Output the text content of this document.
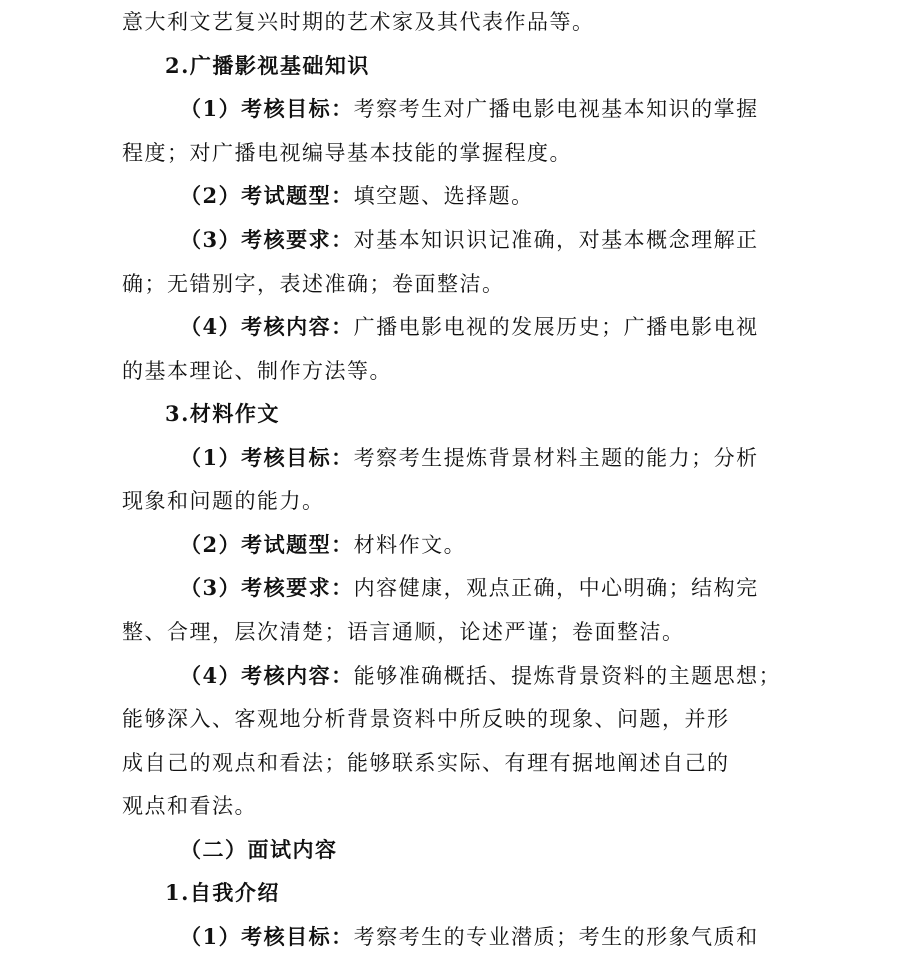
意大利文艺复兴时期的艺术家及其代表作品等。
2.广播影视基础知识
（1）考核目标：考察考生对广播电影电视基本知识的掌握
程度；对广播电视编导基本技能的掌握程度。
（2）考试题型：填空题、选择题。
（3）考核要求：对基本知识识记准确，对基本概念理解正
确；无错别字，表述准确；卷面整洁。
（4）考核内容：广播电影电视的发展历史；广播电影电视
的基本理论、制作方法等。
3.材料作文
（1）考核目标：考察考生提炼背景材料主题的能力；分析
现象和问题的能力。
（2）考试题型：材料作文。
（3）考核要求：内容健康，观点正确，中心明确；结构完
整、合理，层次清楚；语言通顺，论述严谨；卷面整洁。
（4）考核内容：能够准确概括、提炼背景资料的主题思想；
能够深入、客观地分析背景资料中所反映的现象、问题，并形
成自己的观点和看法；能够联系实际、有理有据地阐述自己的
观点和看法。
（二）面试内容
1.自我介绍
（1）考核目标：考察考生的专业潜质；考生的形象气质和
